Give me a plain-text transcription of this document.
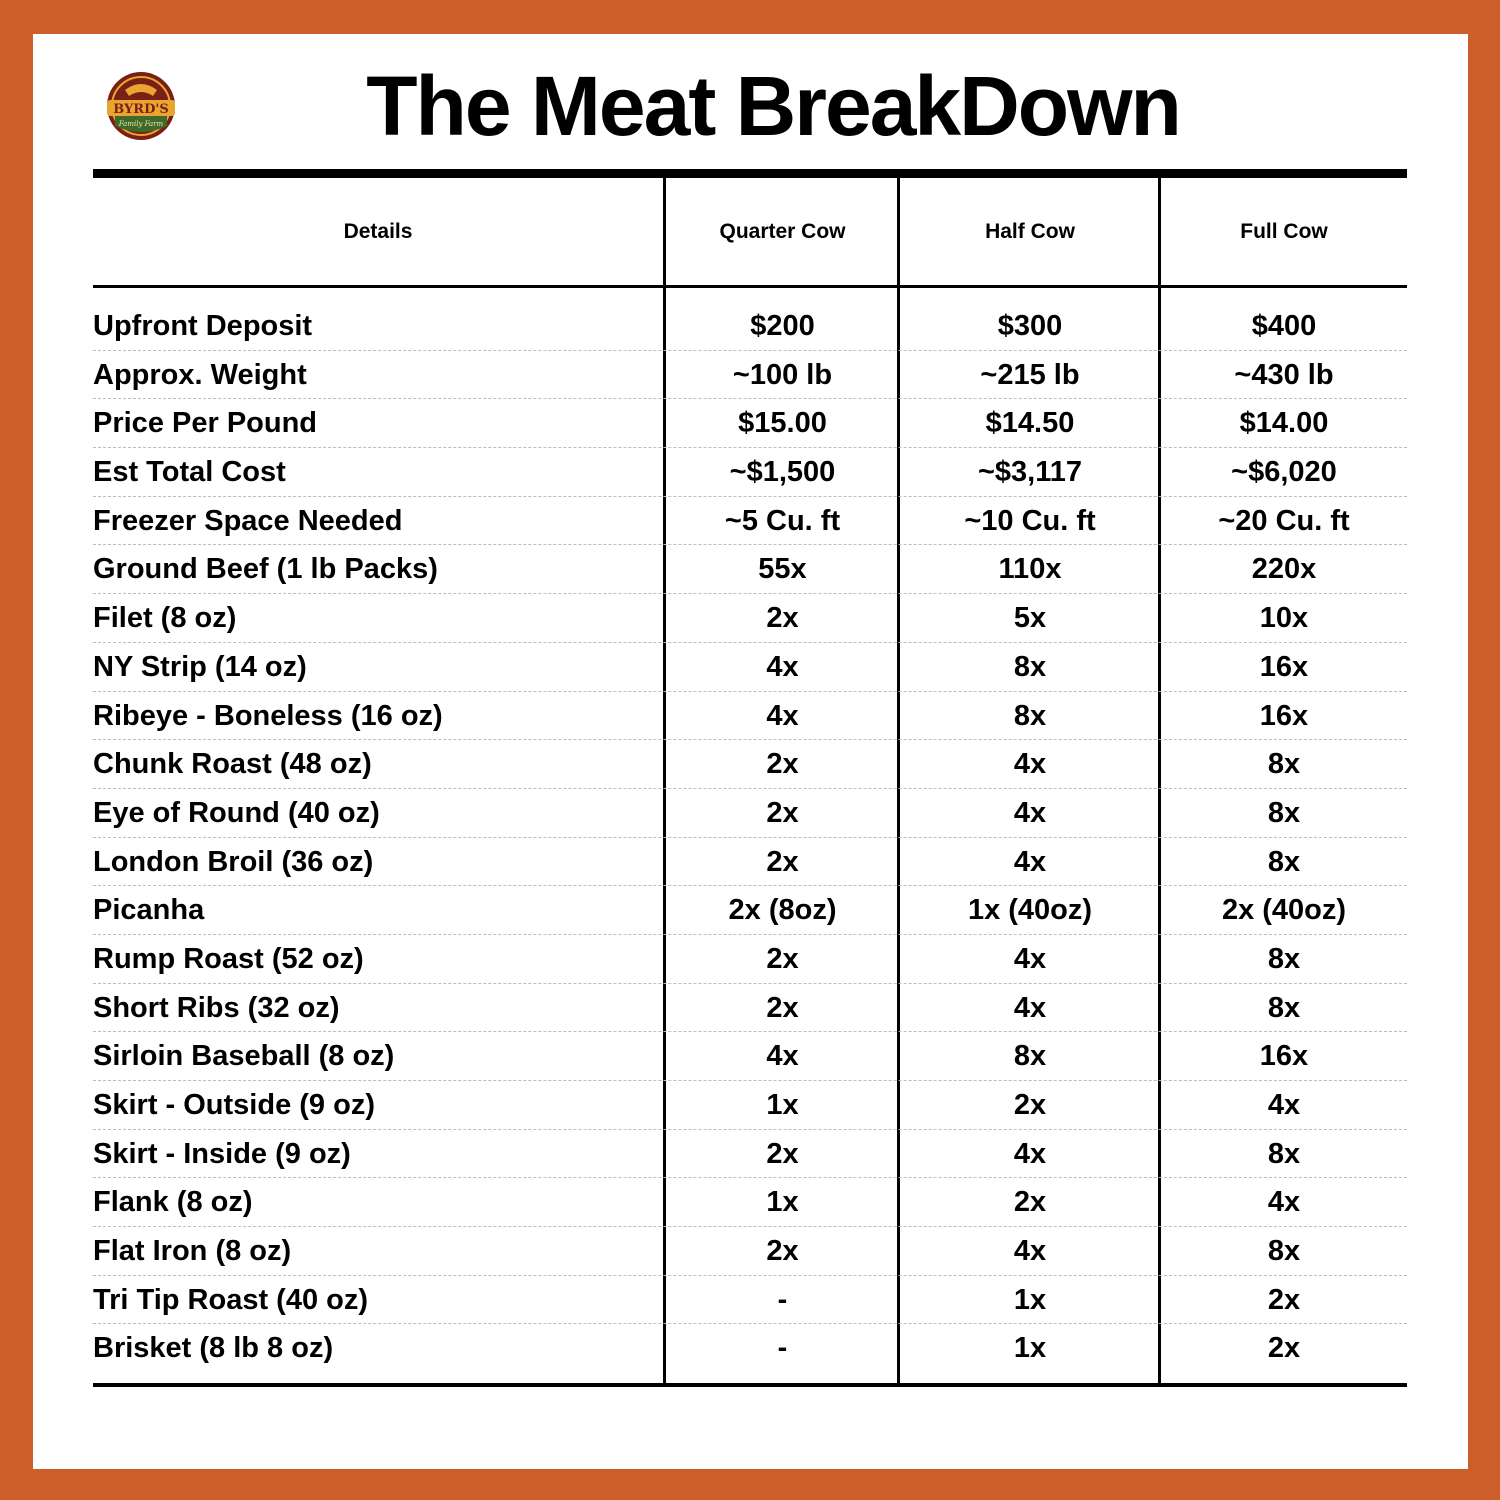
BYRD'S
Family Farm	The Meat BreakDown
Details	Quarter Cow	Half Cow	Full Cow
Upfront Deposit	$200	$300	$400
Approx. Weight	~100 lb	~215 lb	~430 lb
Price Per Pound	$15.00	$14.50	$14.00
Est Total Cost	~$1,500	~$3,117	~$6,020
Freezer Space Needed	~5 Cu. ft	~10 Cu. ft	~20 Cu. ft
Ground Beef (1 lb Packs)	55x	110x	220x
Filet (8 oz)	2x	5x	10x
NY Strip (14 oz)	4x	8x	16x
Ribeye - Boneless (16 oz)	4x	8x	16x
Chunk Roast (48 oz)	2x	4x	8x
Eye of Round (40 oz)	2x	4x	8x
London Broil (36 oz)	2x	4x	8x
Picanha	2x (8oz)	1x (40oz)	2x (40oz)
Rump Roast (52 oz)	2x	4x	8x
Short Ribs (32 oz)	2x	4x	8x
Sirloin Baseball (8 oz)	4x	8x	16x
Skirt - Outside (9 oz)	1x	2x	4x
Skirt - Inside (9 oz)	2x	4x	8x
Flank (8 oz)	1x	2x	4x
Flat Iron (8 oz)	2x	4x	8x
Tri Tip Roast (40 oz)	-	1x	2x
Brisket (8 lb 8 oz)	-	1x	2x
